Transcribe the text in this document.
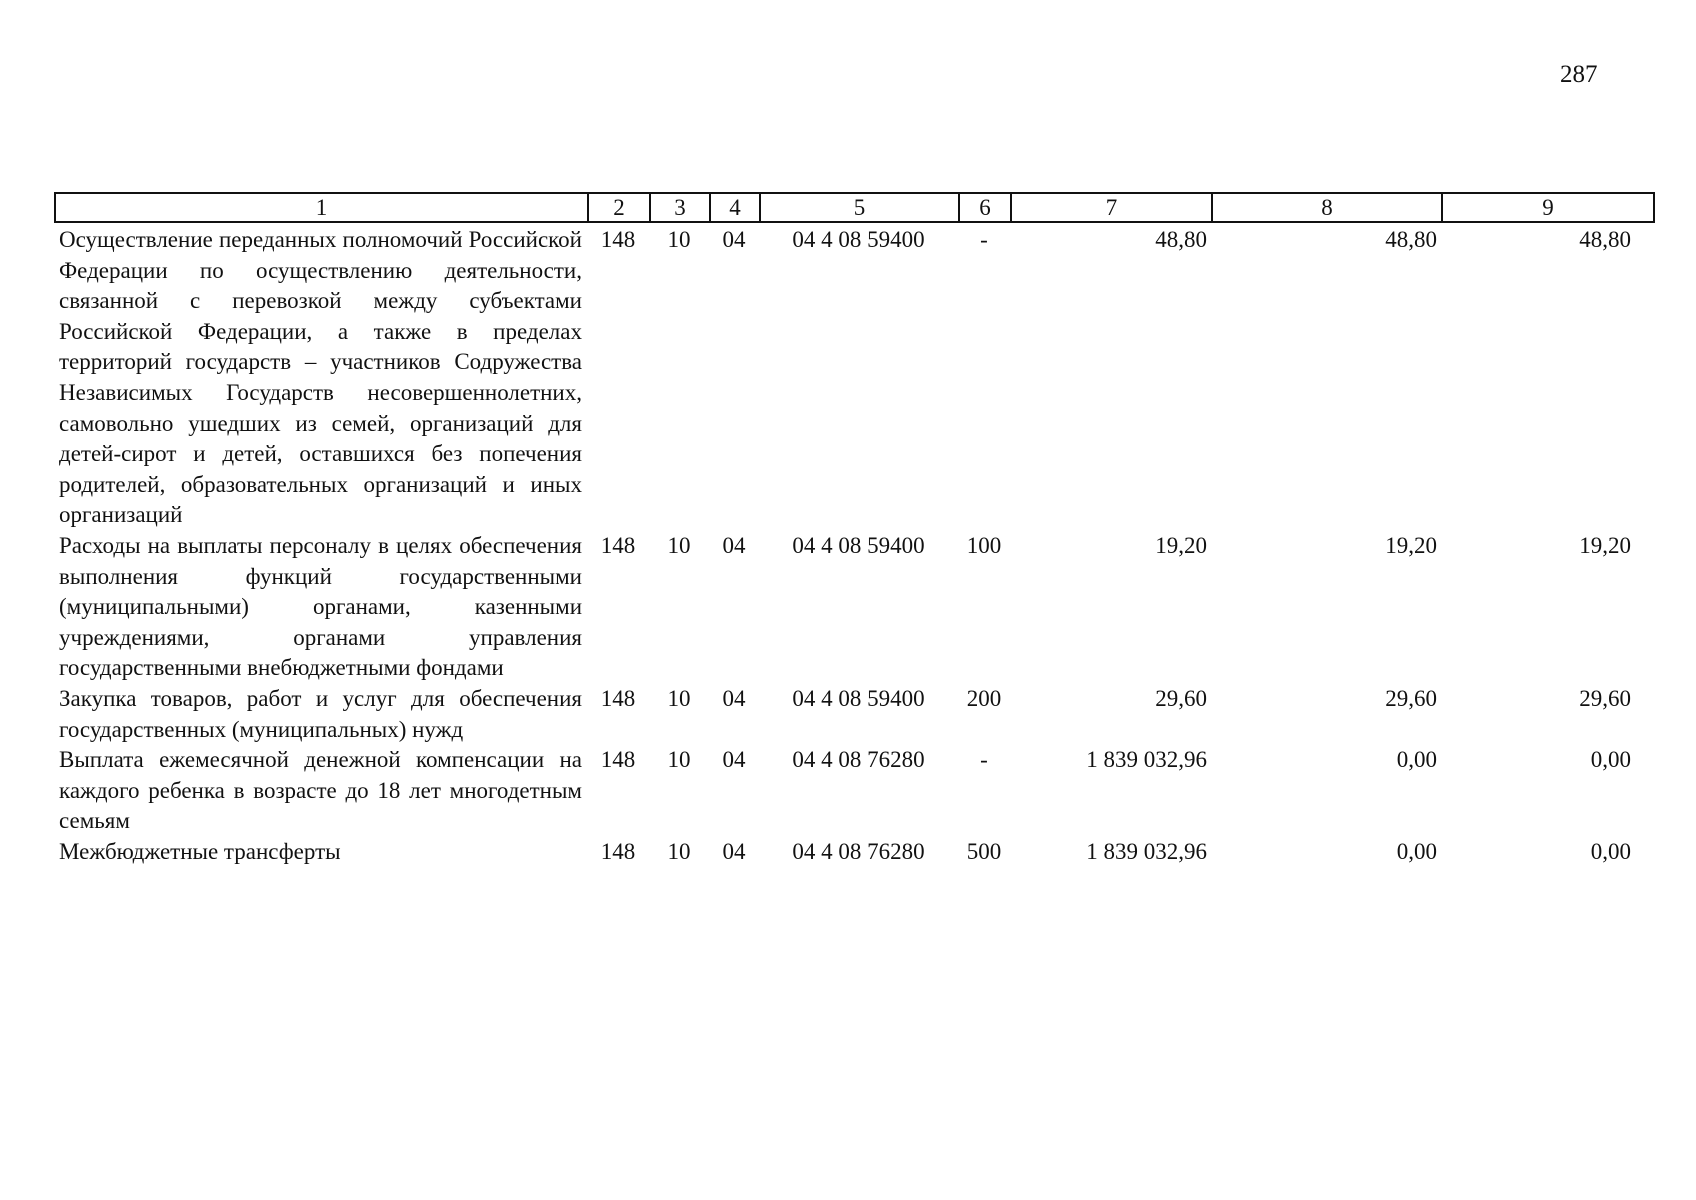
287
1	2	3	4	5	6	7	8	9
Осуществление переданных полномочий Российской Федерации по осуществлению деятельности, связанной с перевозкой между субъектами Российской Федерации, а также в пределах территорий государств – участников Содружества Независимых Государств несовершеннолетних, самовольно ушедших из семей, организаций для детей-сирот и детей, оставшихся без попечения родителей, образовательных организаций и иных организаций	148	10	04	04 4 08 59400	-	48,80	48,80	48,80
Расходы на выплаты персоналу в целях обеспечения выполнения функций государственными (муниципальными) органами, казенными учреждениями, органами управления государственными внебюджетными фондами	148	10	04	04 4 08 59400	100	19,20	19,20	19,20
Закупка товаров, работ и услуг для обеспечения государственных (муниципальных) нужд	148	10	04	04 4 08 59400	200	29,60	29,60	29,60
Выплата ежемесячной денежной компенсации на каждого ребенка в возрасте до 18 лет многодетным семьям	148	10	04	04 4 08 76280	-	1 839 032,96	0,00	0,00
Межбюджетные трансферты	148	10	04	04 4 08 76280	500	1 839 032,96	0,00	0,00
